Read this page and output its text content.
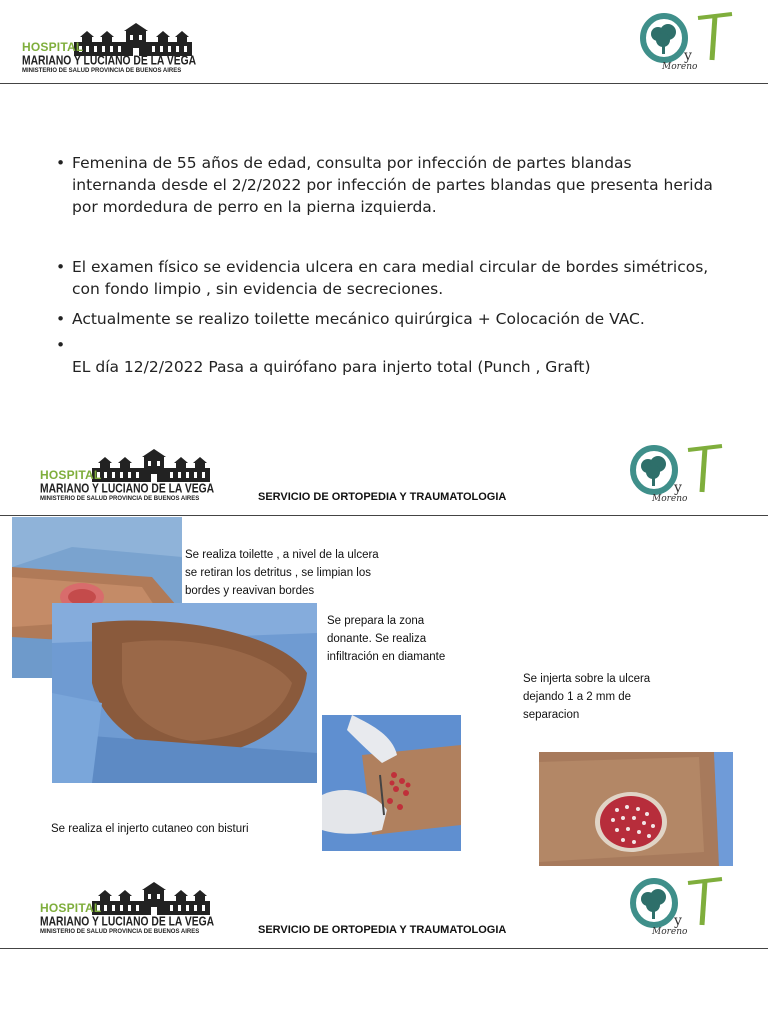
HOSPITAL
MARIANO Y LUCIANO DE LA VEGA
MINISTERIO DE SALUD PROVINCIA DE BUENOS AIRES
y
Moreno
• Femenina de 55 años de edad, consulta por infección de partes blandas internanda desde el 2/2/2022 por infección de partes blandas que presenta herida por mordedura de perro en la pierna izquierda.
• El examen físico se evidencia ulcera en cara medial circular de bordes simétricos, con fondo limpio , sin evidencia de secreciones.
• Actualmente se realizo toilette mecánico quirúrgica + Colocación de VAC.
•
EL día 12/2/2022 Pasa a quirófano para injerto total (Punch , Graft)
HOSPITAL
MARIANO Y LUCIANO DE LA VEGA
MINISTERIO DE SALUD PROVINCIA DE BUENOS AIRES	SERVICIO DE ORTOPEDIA Y TRAUMATOLOGIA
y
Moreno
Se realiza toilette , a nivel de la ulcera se retiran los detritus , se limpian los bordes y reavivan bordes
Se prepara la zona donante. Se realiza infiltración en diamante
Se injerta sobre la ulcera dejando 1 a 2 mm de separacion
Se realiza el injerto cutaneo con bisturi
HOSPITAL
MARIANO Y LUCIANO DE LA VEGA
MINISTERIO DE SALUD PROVINCIA DE BUENOS AIRES	SERVICIO DE ORTOPEDIA Y TRAUMATOLOGIA
y
Moreno
